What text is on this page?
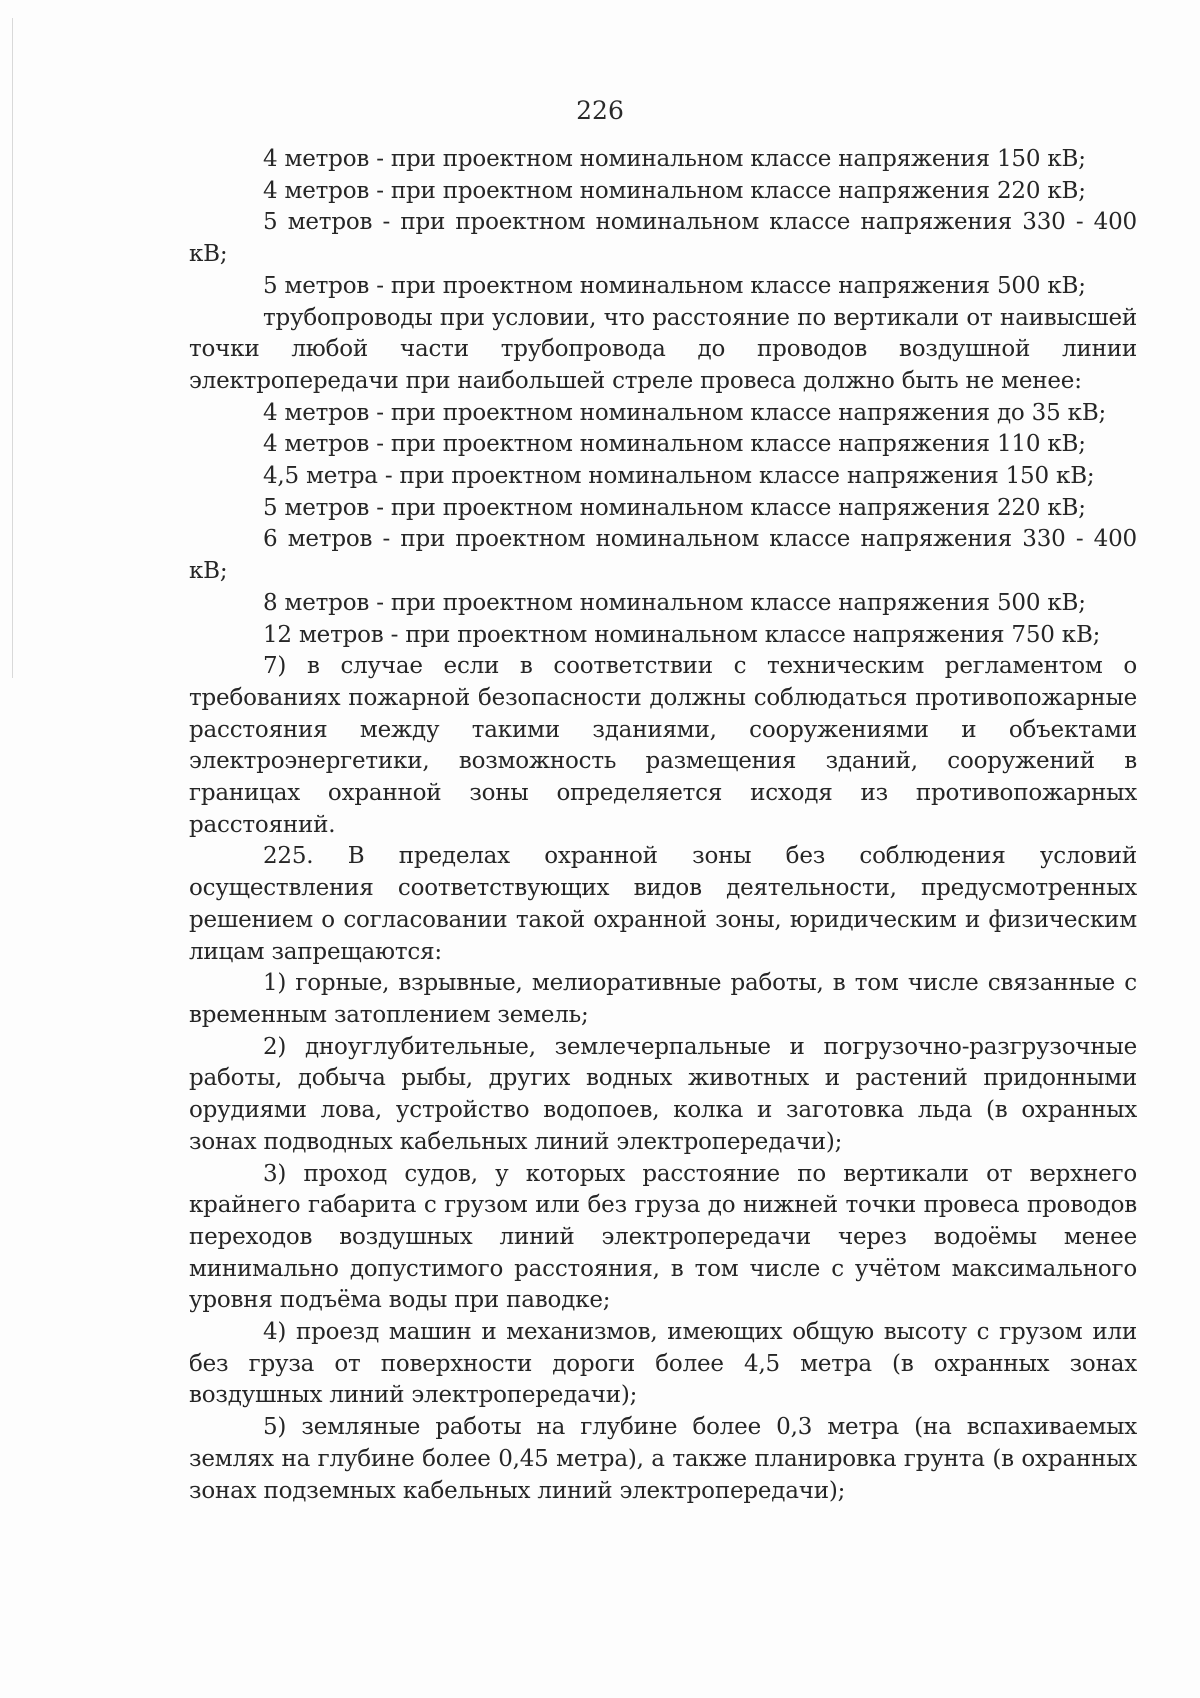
226

4 метров - при проектном номинальном классе напряжения 150 кВ;

4 метров - при проектном номинальном классе напряжения 220 кВ;

5 метров - при проектном номинальном классе напряжения 330 - 400 кВ;

5 метров - при проектном номинальном классе напряжения 500 кВ;

трубопроводы при условии, что расстояние по вертикали от наивысшей точки любой части трубопровода до проводов воздушной линии электропередачи при наибольшей стреле провеса должно быть не менее:

4 метров - при проектном номинальном классе напряжения до 35 кВ;

4 метров - при проектном номинальном классе напряжения 110 кВ;

4,5 метра - при проектном номинальном классе напряжения 150 кВ;

5 метров - при проектном номинальном классе напряжения 220 кВ;

6 метров - при проектном номинальном классе напряжения 330 - 400 кВ;

8 метров - при проектном номинальном классе напряжения 500 кВ;

12 метров - при проектном номинальном классе напряжения 750 кВ;

7) в случае если в соответствии с техническим регламентом о требованиях пожарной безопасности должны соблюдаться противопожарные расстояния между такими зданиями, сооружениями и объектами электроэнергетики, возможность размещения зданий, сооружений в границах охранной зоны определяется исходя из противопожарных расстояний.

225. В пределах охранной зоны без соблюдения условий осуществления соответствующих видов деятельности, предусмотренных решением о согласовании такой охранной зоны, юридическим и физическим лицам запрещаются:

1) горные, взрывные, мелиоративные работы, в том числе связанные с временным затоплением земель;

2) дноуглубительные, землечерпальные и погрузочно-разгрузочные работы, добыча рыбы, других водных животных и растений придонными орудиями лова, устройство водопоев, колка и заготовка льда (в охранных зонах подводных кабельных линий электропередачи);

3) проход судов, у которых расстояние по вертикали от верхнего крайнего габарита с грузом или без груза до нижней точки провеса проводов переходов воздушных линий электропередачи через водоёмы менее минимально допустимого расстояния, в том числе с учётом максимального уровня подъёма воды при паводке;

4) проезд машин и механизмов, имеющих общую высоту с грузом или без груза от поверхности дороги более 4,5 метра (в охранных зонах воздушных линий электропередачи);

5) земляные работы на глубине более 0,3 метра (на вспахиваемых землях на глубине более 0,45 метра), а также планировка грунта (в охранных зонах подземных кабельных линий электропередачи);
